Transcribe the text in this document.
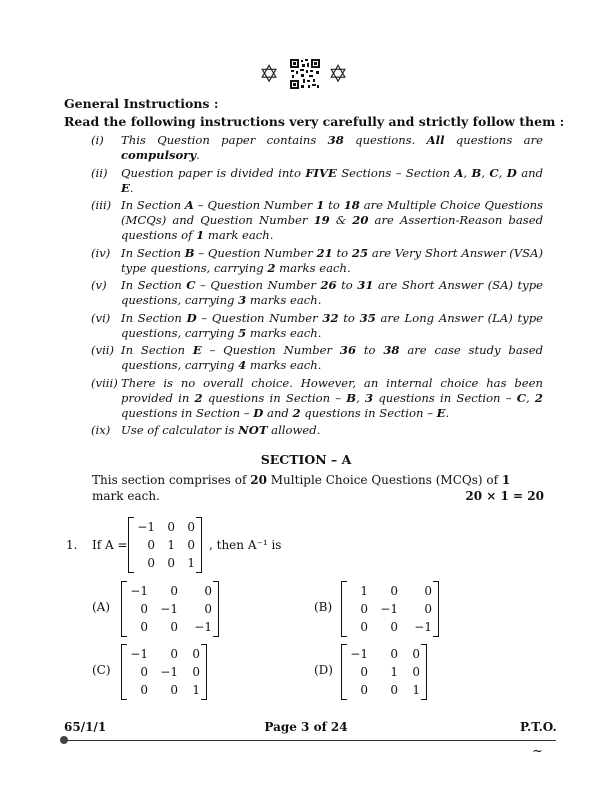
✡ ✡
General Instructions :
Read the following instructions very carefully and strictly follow them :
(i)	This Question paper contains 38 questions. All questions are compulsory.
(ii)	Question paper is divided into FIVE Sections – Section A, B, C, D and E.
(iii) In Section A – Question Number 1 to 18 are Multiple Choice Questions (MCQs) and Question Number 19 & 20 are Assertion-Reason based questions of 1 mark each.
(iv) In Section B – Question Number 21 to 25 are Very Short Answer (VSA) type questions, carrying 2 marks each.
(v)	In Section C – Question Number 26 to 31 are Short Answer (SA) type questions, carrying 3 marks each.
(vi) In Section D – Question Number 32 to 35 are Long Answer (LA) type questions, carrying 5 marks each.
(vii) In Section E – Question Number 36 to 38 are case study based questions, carrying 4 marks each.
(viii) There is no overall choice. However, an internal choice has been provided in 2 questions in Section – B, 3 questions in Section – C, 2 questions in Section – D and 2 questions in Section – E.
(ix) Use of calculator is NOT allowed.
SECTION – A
This section comprises of 20 Multiple Choice Questions (MCQs) of 1 mark each.	20 × 1 = 20
1. If A =
−1	0	0
0	1	0
0	0	1
, then A⁻¹ is
(A)
−1	0	0
0	−1	0
0	0	−1
(B)
1	0	0
0	−1	0
0	0	−1
(C)
−1	0	0
0	−1	0
0	0	1
(D)
−1	0	0
0	1	0
0	0	1
65/1/1	Page 3 of 24	P.T.O.
~
